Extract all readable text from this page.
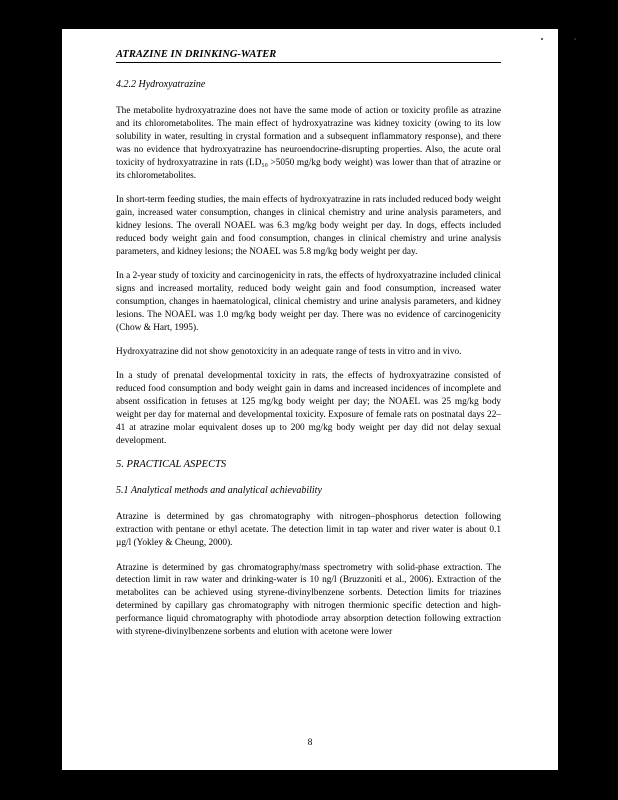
ATRAZINE IN DRINKING-WATER
4.2.2 Hydroxyatrazine

The metabolite hydroxyatrazine does not have the same mode of action or toxicity profile as atrazine and its chlorometabolites. The main effect of hydroxyatrazine was kidney toxicity (owing to its low solubility in water, resulting in crystal formation and a subsequent inflammatory response), and there was no evidence that hydroxyatrazine has neuroendocrine-disrupting properties. Also, the acute oral toxicity of hydroxyatrazine in rats (LD₅₀ >5050 mg/kg body weight) was lower than that of atrazine or its chlorometabolites.

In short-term feeding studies, the main effects of hydroxyatrazine in rats included reduced body weight gain, increased water consumption, changes in clinical chemistry and urine analysis parameters, and kidney lesions. The overall NOAEL was 6.3 mg/kg body weight per day. In dogs, effects included reduced body weight gain and food consumption, changes in clinical chemistry and urine analysis parameters, and kidney lesions; the NOAEL was 5.8 mg/kg body weight per day.

In a 2-year study of toxicity and carcinogenicity in rats, the effects of hydroxyatrazine included clinical signs and increased mortality, reduced body weight gain and food consumption, increased water consumption, changes in haematological, clinical chemistry and urine analysis parameters, and kidney lesions. The NOAEL was 1.0 mg/kg body weight per day. There was no evidence of carcinogenicity (Chow & Hart, 1995).

Hydroxyatrazine did not show genotoxicity in an adequate range of tests in vitro and in vivo.

In a study of prenatal developmental toxicity in rats, the effects of hydroxyatrazine consisted of reduced food consumption and body weight gain in dams and increased incidences of incomplete and absent ossification in fetuses at 125 mg/kg body weight per day; the NOAEL was 25 mg/kg body weight per day for maternal and developmental toxicity. Exposure of female rats on postnatal days 22–41 at atrazine molar equivalent doses up to 200 mg/kg body weight per day did not delay sexual development.

5. PRACTICAL ASPECTS
5.1 Analytical methods and analytical achievability

Atrazine is determined by gas chromatography with nitrogen–phosphorus detection following extraction with pentane or ethyl acetate. The detection limit in tap water and river water is about 0.1 µg/l (Yokley & Cheung, 2000).

Atrazine is determined by gas chromatography/mass spectrometry with solid-phase extraction. The detection limit in raw water and drinking-water is 10 ng/l (Bruzzoniti et al., 2006). Extraction of the metabolites can be achieved using styrene-divinylbenzene sorbents. Detection limits for triazines determined by capillary gas chromatography with nitrogen thermionic specific detection and high-performance liquid chromatography with photodiode array absorption detection following extraction with styrene-divinylbenzene sorbents and elution with acetone were lower

8
